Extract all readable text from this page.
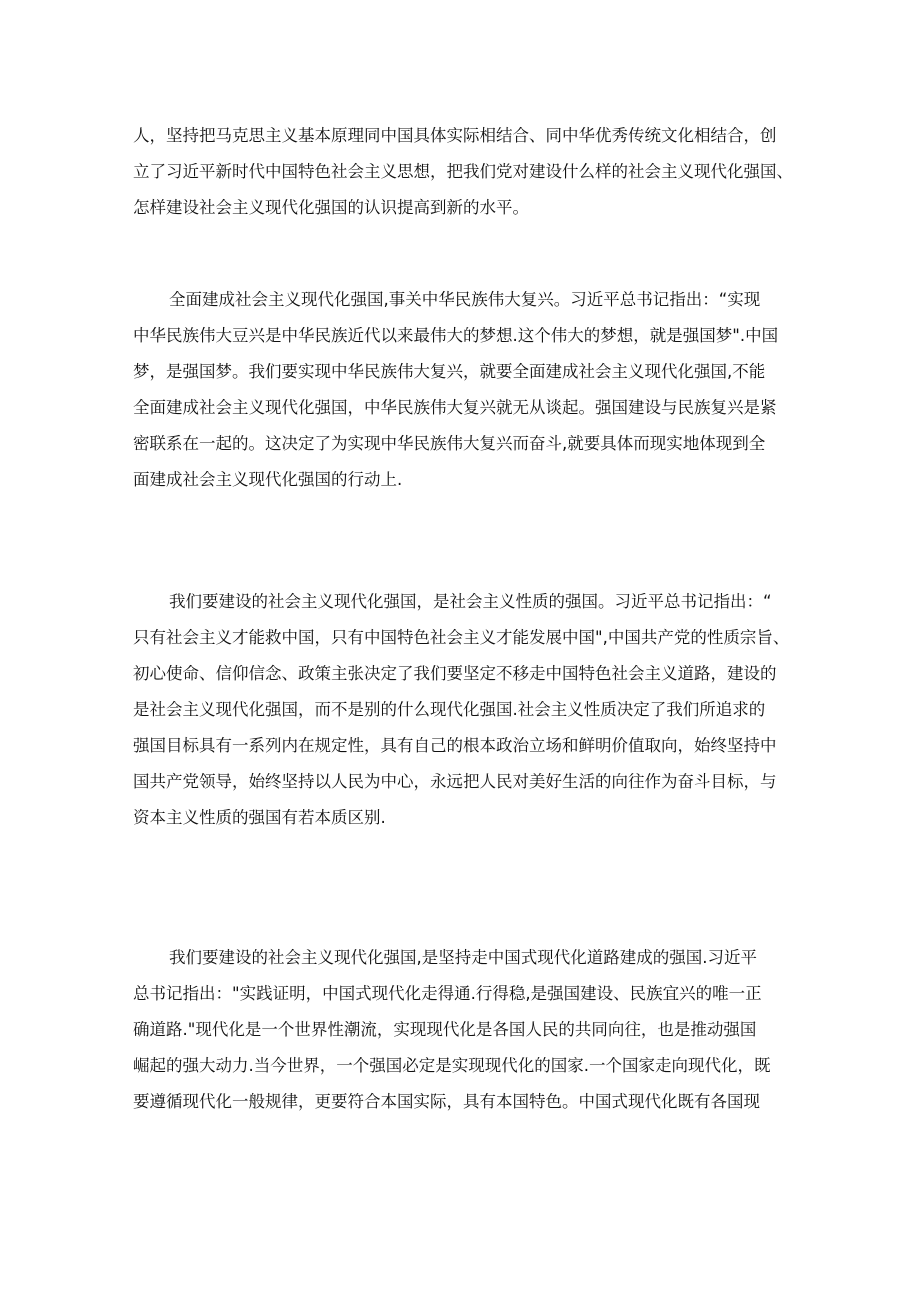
人，坚持把马克思主义基本原理同中国具体实际相结合、同中华优秀传统文化相结合，创
立了习近平新时代中国特色社会主义思想，把我们党对建设什么样的社会主义现代化强国、
怎样建设社会主义现代化强国的认识提高到新的水平。
全面建成社会主义现代化强国,事关中华民族伟大复兴。习近平总书记指出：“实现
中华民族伟大豆兴是中华民族近代以来最伟大的梦想.这个伟大的梦想，就是强国梦".中国
梦，是强国梦。我们要实现中华民族伟大复兴，就要全面建成社会主义现代化强国,不能
全面建成社会主义现代化强国，中华民族伟大复兴就无从谈起。强国建设与民族复兴是紧
密联系在一起的。这决定了为实现中华民族伟大复兴而奋斗,就要具体而现实地体现到全
面建成社会主义现代化强国的行动上.
我们要建设的社会主义现代化强国，是社会主义性质的强国。习近平总书记指出：“
只有社会主义才能救中国，只有中国特色社会主义才能发展中国",中国共产党的性质宗旨、
初心使命、信仰信念、政策主张决定了我们要坚定不移走中国特色社会主义道路，建设的
是社会主义现代化强国，而不是别的什么现代化强国.社会主义性质决定了我们所追求的
强国目标具有一系列内在规定性，具有自己的根本政治立场和鲜明价值取向，始终坚持中
国共产党领导，始终坚持以人民为中心，永远把人民对美好生活的向往作为奋斗目标，与
资本主义性质的强国有若本质区别.
我们要建设的社会主义现代化强国,是坚持走中国式现代化道路建成的强国.习近平
总书记指出："实践证明，中国式现代化走得通.行得稳,是强国建设、民族宜兴的唯一正
确道路."现代化是一个世界性潮流，实现现代化是各国人民的共同向往，也是推动强国
崛起的强大动力.当今世界，一个强国必定是实现现代化的国家.一个国家走向现代化，既
要遵循现代化一般规律，更要符合本国实际，具有本国特色。中国式现代化既有各国现
